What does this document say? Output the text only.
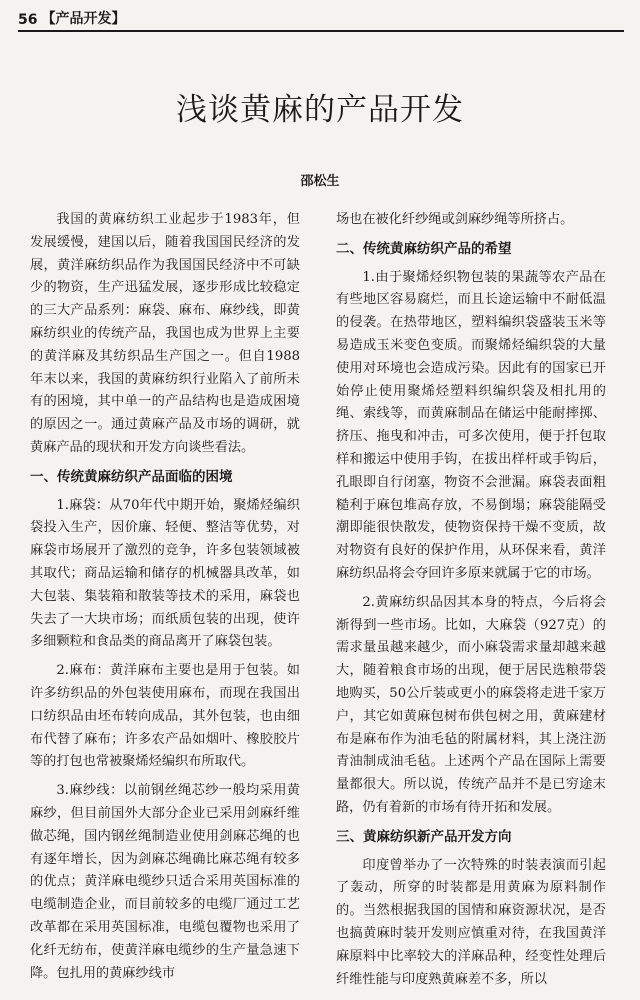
56 【产品开发】
浅谈黄麻的产品开发
邵松生

我国的黄麻纺织工业起步于1983年，但发展缓慢，建国以后，随着我国国民经济的发展，黄洋麻纺织品作为我国国民经济中不可缺少的物资，生产迅猛发展，逐步形成比较稳定的三大产品系列：麻袋、麻布、麻纱线，即黄麻纺织业的传统产品，我国也成为世界上主要的黄洋麻及其纺织品生产国之一。但自1988年末以来，我国的黄麻纺织行业陷入了前所未有的困境，其中单一的产品结构也是造成困境的原因之一。通过黄麻产品及市场的调研，就黄麻产品的现状和开发方向谈些看法。

一、传统黄麻纺织产品面临的困境

1.麻袋：从70年代中期开始，聚烯烃编织袋投入生产，因价廉、轻便、整洁等优势，对麻袋市场展开了激烈的竞争，许多包装领域被其取代；商品运输和储存的机械器具改革，如大包装、集装箱和散装等技术的采用，麻袋也失去了一大块市场；而纸质包装的出现，使许多细颗粒和食品类的商品离开了麻袋包装。

2.麻布：黄洋麻布主要也是用于包装。如许多纺织品的外包装使用麻布，而现在我国出口纺织品由坯布转向成品，其外包装，也由细布代替了麻布；许多农产品如烟叶、橡胶胶片等的打包也常被聚烯烃编织布所取代。

3.麻纱线：以前钢丝绳芯纱一般均采用黄麻纱，但目前国外大部分企业已采用剑麻纤维做芯绳，国内钢丝绳制造业使用剑麻芯绳的也有逐年增长，因为剑麻芯绳确比麻芯绳有较多的优点；黄洋麻电缆纱只适合采用英国标准的电缆制造企业，而目前较多的电缆厂通过工艺改革都在采用英国标准，电缆包覆物也采用了化纤无纺布，使黄洋麻电缆纱的生产量急速下降。包扎用的黄麻纱线市

场也在被化纤纱绳或剑麻纱绳等所挤占。

二、传统黄麻纺织产品的希望

1.由于聚烯烃织物包装的果蔬等农产品在有些地区容易腐烂，而且长途运输中不耐低温的侵袭。在热带地区，塑料编织袋盛装玉米等易造成玉米变色变质。而聚烯烃编织袋的大量使用对环境也会造成污染。因此有的国家已开始停止使用聚烯烃塑料织编织袋及相扎用的绳、索线等，而黄麻制品在储运中能耐摔掷、挤压、拖曳和冲击，可多次使用，便于扦包取样和搬运中使用手钩，在拔出样杆或手钩后，孔眼即自行闭塞，物资不会泄漏。麻袋表面粗糙利于麻包堆高存放，不易倒塌；麻袋能隔受潮即能很快散发，使物资保持干燥不变质，故对物资有良好的保护作用，从环保来看，黄洋麻纺织品将会夺回许多原来就属于它的市场。

2.黄麻纺织品因其本身的特点，今后将会渐得到一些市场。比如，大麻袋（927克）的需求量虽越来越少，而小麻袋需求量却越来越大，随着粮食市场的出现，便于居民选粮带袋地购买，50公斤装或更小的麻袋将走进千家万户，其它如黄麻包树布供包树之用，黄麻建材布是麻布作为油毛毡的附属材料，其上浇注沥青油制成油毛毡。上述两个产品在国际上需要量都很大。所以说，传统产品并不是已穷途末路，仍有着新的市场有待开拓和发展。

三、黄麻纺织新产品开发方向

印度曾举办了一次特殊的时装表演而引起了轰动，所穿的时装都是用黄麻为原料制作的。当然根据我国的国情和麻资源状况，是否也搞黄麻时装开发则应慎重对待，在我国黄洋麻原料中比率较大的洋麻品种，经变性处理后纤维性能与印度熟黄麻差不多，所以
